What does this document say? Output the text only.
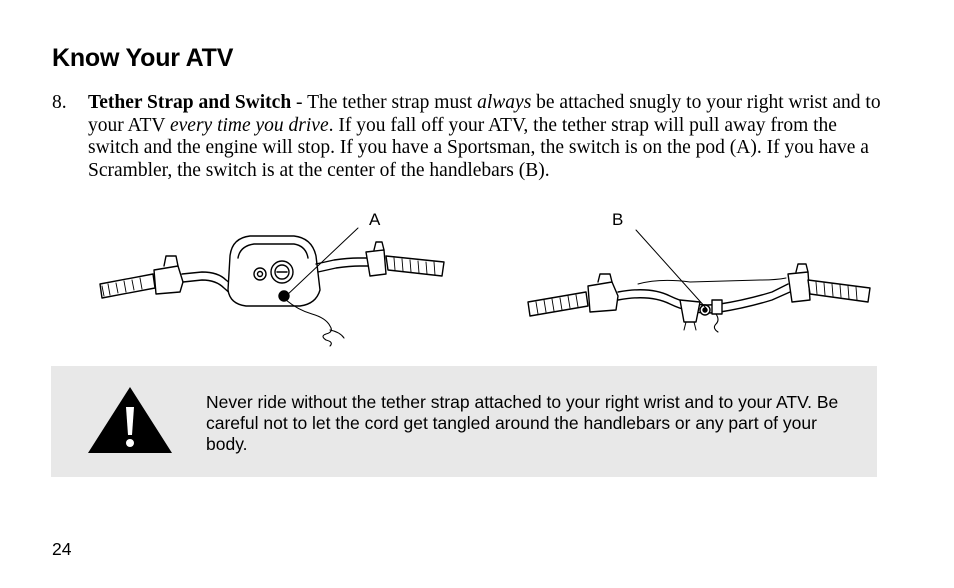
Know Your ATV
8. Tether Strap and Switch - The tether strap must always be attached snugly to your right wrist and to your ATV every time you drive. If you fall off your ATV, the tether strap will pull away from the switch and the engine will stop. If you have a Sportsman, the switch is on the pod (A). If you have a Scrambler, the switch is at the center of the handlebars (B).
A	B
Never ride without the tether strap attached to your right wrist and to your ATV. Be careful not to let the cord get tangled around the handlebars or any part of your body.
24
